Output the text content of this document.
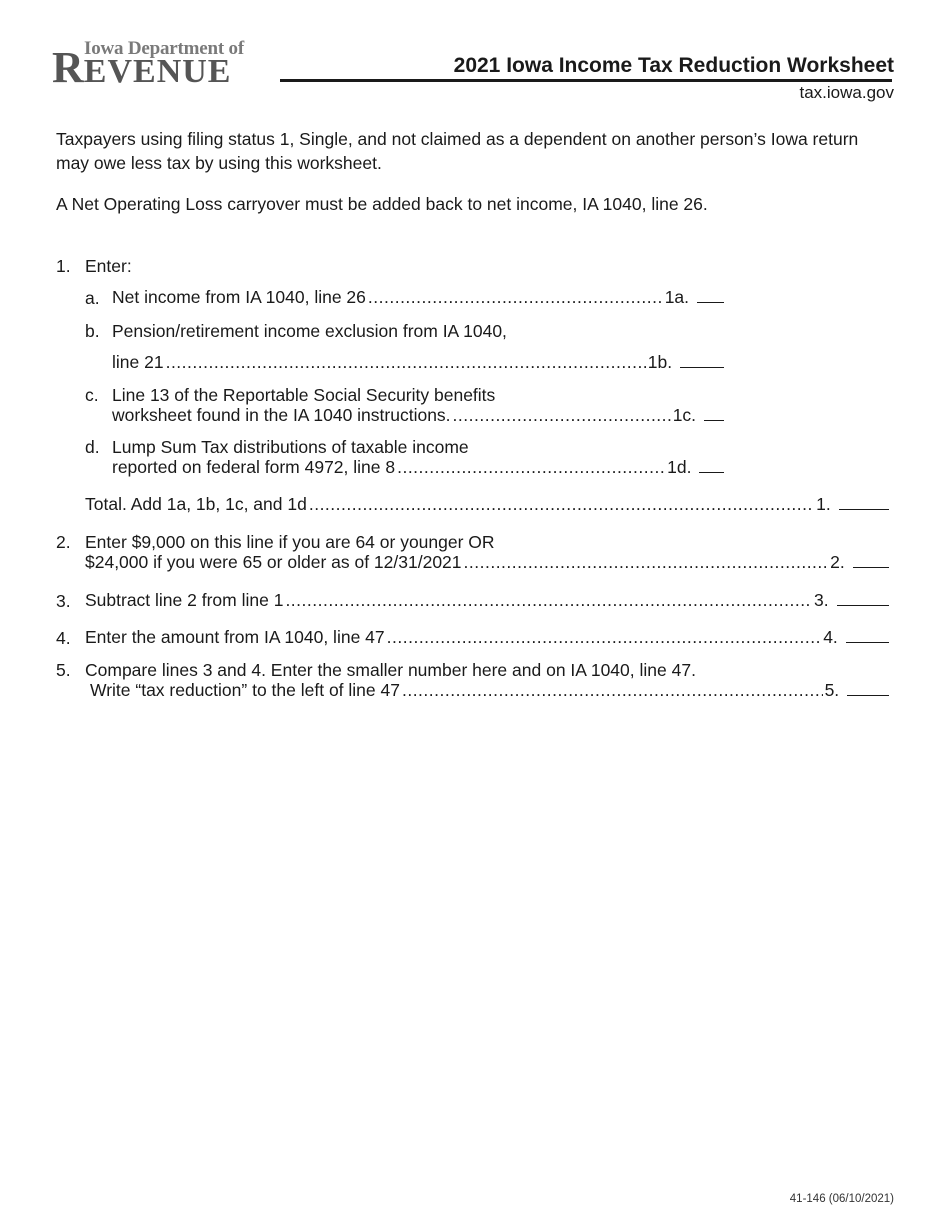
Iowa Department of
REVENUE	2021 Iowa Income Tax Reduction Worksheet
tax.iowa.gov
Taxpayers using filing status 1, Single, and not claimed as a dependent on another person’s Iowa return may owe less tax by using this worksheet.
A Net Operating Loss carryover must be added back to net income, IA 1040, line 26.
1. Enter:
a. Net income from IA 1040, line 26 .....	1a.
b. Pension/retirement income exclusion from IA 1040,
line 21 .....	1b.
c. Line 13 of the Reportable Social Security benefits
worksheet found in the IA 1040 instructions. .....	1c.
d. Lump Sum Tax distributions of taxable income
reported on federal form 4972, line 8 .....	1d.
Total. Add 1a, 1b, 1c, and 1d .....	1.
2. Enter $9,000 on this line if you are 64 or younger OR
$24,000 if you were 65 or older as of 12/31/2021 .....	2.
3. Subtract line 2 from line 1 .....	3.
4. Enter the amount from IA 1040, line 47 .....	4.
5. Compare lines 3 and 4. Enter the smaller number here and on IA 1040, line 47.
Write “tax reduction” to the left of line 47 .....	5.
41-146 (06/10/2021)
